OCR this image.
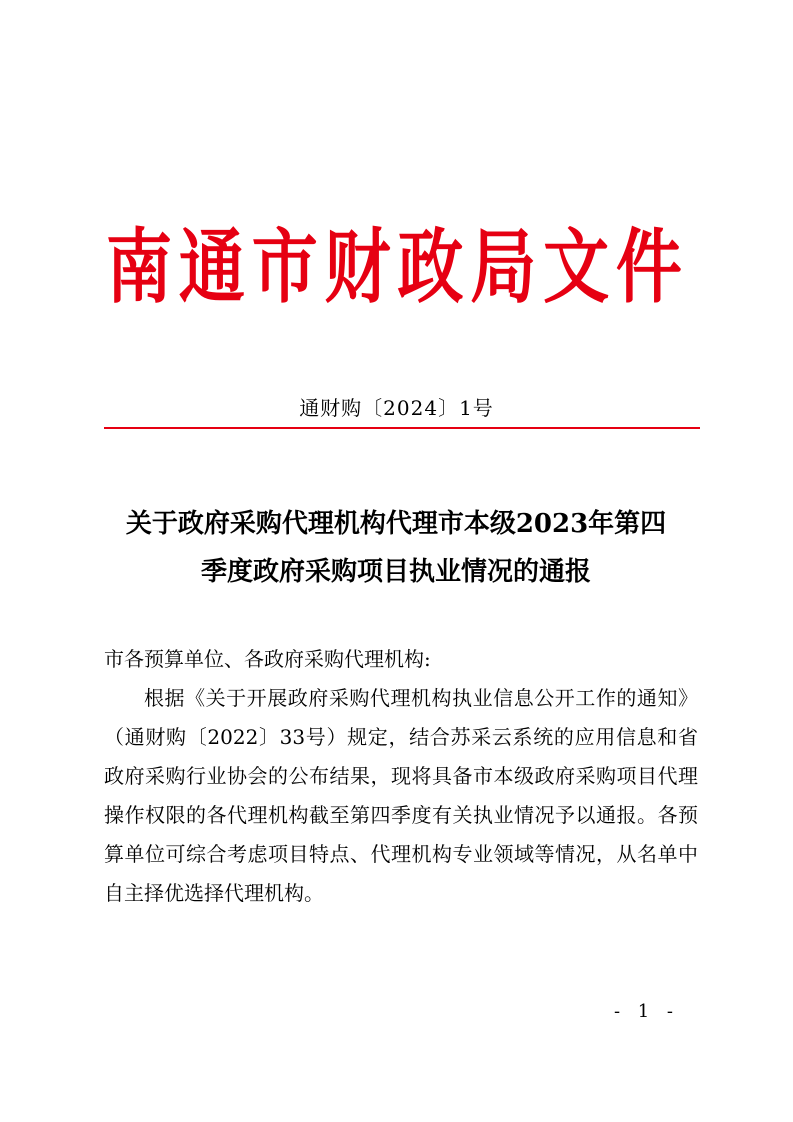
南 通 市 财 政 局 文 件
通财购〔2024〕1号
关于政府采购代理机构代理市本级2023年第四
季度政府采购项目执业情况的通报

市各预算单位、各政府采购代理机构:

根据《关于开展政府采购代理机构执业信息公开工作的通知》（通财购〔2022〕33号）规定，结合苏采云系统的应用信息和省政府采购行业协会的公布结果，现将具备市本级政府采购项目代理操作权限的各代理机构截至第四季度有关执业情况予以通报。各预算单位可综合考虑项目特点、代理机构专业领域等情况，从名单中自主择优选择代理机构。

- 1 -
